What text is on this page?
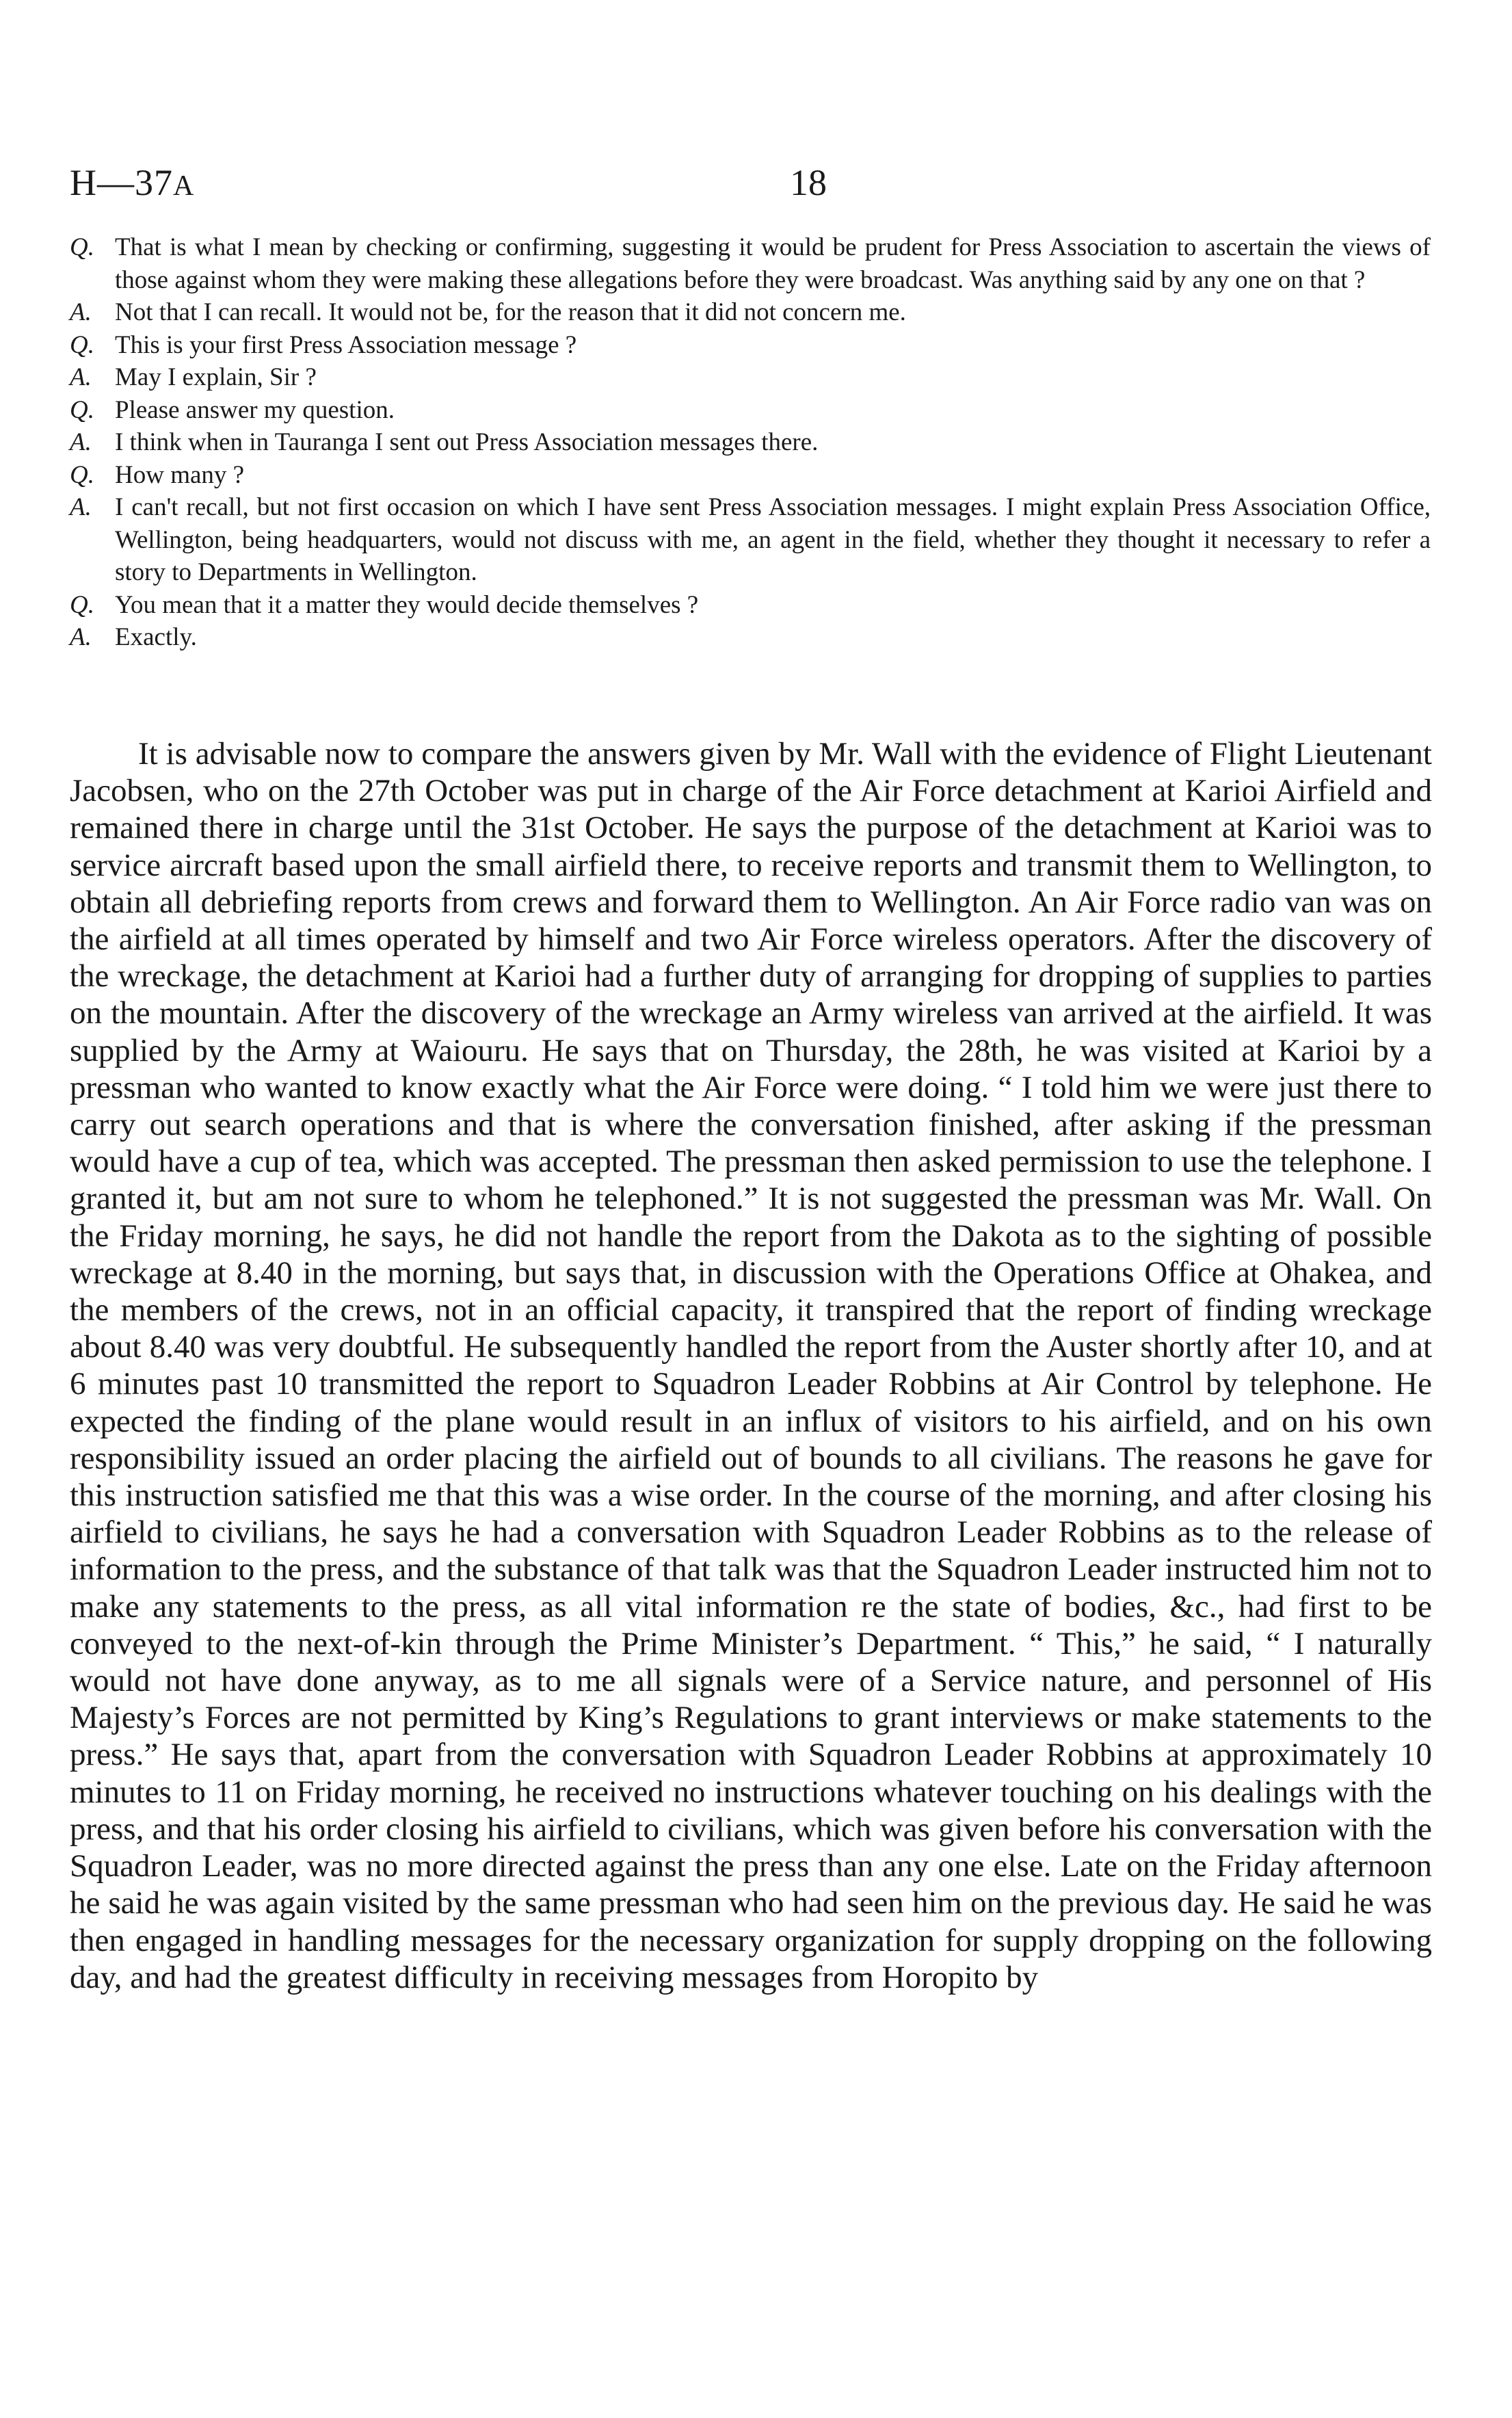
H—37A	18
Q. That is what I mean by checking or confirming, suggesting it would be prudent for Press Association to ascertain the views of those against whom they were making these allegations before they were broadcast. Was anything said by any one on that ?
A. Not that I can recall. It would not be, for the reason that it did not concern me.
Q. This is your first Press Association message ?
A. May I explain, Sir ?
Q. Please answer my question.
A. I think when in Tauranga I sent out Press Association messages there.
Q. How many ?
A. I can't recall, but not first occasion on which I have sent Press Association messages. I might explain Press Association Office, Wellington, being headquarters, would not discuss with me, an agent in the field, whether they thought it necessary to refer a story to Departments in Wellington.
Q. You mean that it a matter they would decide themselves ?
A. Exactly.

It is advisable now to compare the answers given by Mr. Wall with the evidence of Flight Lieutenant Jacobsen, who on the 27th October was put in charge of the Air Force detachment at Karioi Airfield and remained there in charge until the 31st October. He says the purpose of the detachment at Karioi was to service aircraft based upon the small airfield there, to receive reports and transmit them to Wellington, to obtain all debriefing reports from crews and forward them to Wellington. An Air Force radio van was on the airfield at all times operated by himself and two Air Force wireless operators. After the discovery of the wreckage, the detachment at Karioi had a further duty of arranging for dropping of supplies to parties on the mountain. After the discovery of the wreckage an Army wireless van arrived at the airfield. It was supplied by the Army at Waiouru. He says that on Thursday, the 28th, he was visited at Karioi by a pressman who wanted to know exactly what the Air Force were doing. “ I told him we were just there to carry out search operations and that is where the conversation finished, after asking if the pressman would have a cup of tea, which was accepted. The pressman then asked permission to use the telephone. I granted it, but am not sure to whom he telephoned.” It is not suggested the pressman was Mr. Wall. On the Friday morning, he says, he did not handle the report from the Dakota as to the sighting of possible wreckage at 8.40 in the morning, but says that, in discussion with the Operations Office at Ohakea, and the members of the crews, not in an official capacity, it transpired that the report of finding wreckage about 8.40 was very doubtful. He subsequently handled the report from the Auster shortly after 10, and at 6 minutes past 10 transmitted the report to Squadron Leader Robbins at Air Control by telephone. He expected the finding of the plane would result in an influx of visitors to his airfield, and on his own responsibility issued an order placing the airfield out of bounds to all civilians. The reasons he gave for this instruction satisfied me that this was a wise order. In the course of the morning, and after closing his airfield to civilians, he says he had a conversation with Squadron Leader Robbins as to the release of information to the press, and the substance of that talk was that the Squadron Leader instructed him not to make any statements to the press, as all vital information re the state of bodies, &c., had first to be conveyed to the next-of-kin through the Prime Minister’s Department. “ This,” he said, “ I naturally would not have done anyway, as to me all signals were of a Service nature, and personnel of His Majesty’s Forces are not permitted by King’s Regulations to grant interviews or make statements to the press.” He says that, apart from the conversation with Squadron Leader Robbins at approximately 10 minutes to 11 on Friday morning, he received no instructions whatever touching on his dealings with the press, and that his order closing his airfield to civilians, which was given before his conversation with the Squadron Leader, was no more directed against the press than any one else. Late on the Friday afternoon he said he was again visited by the same pressman who had seen him on the previous day. He said he was then engaged in handling messages for the necessary organization for supply dropping on the following day, and had the greatest difficulty in receiving messages from Horopito by
